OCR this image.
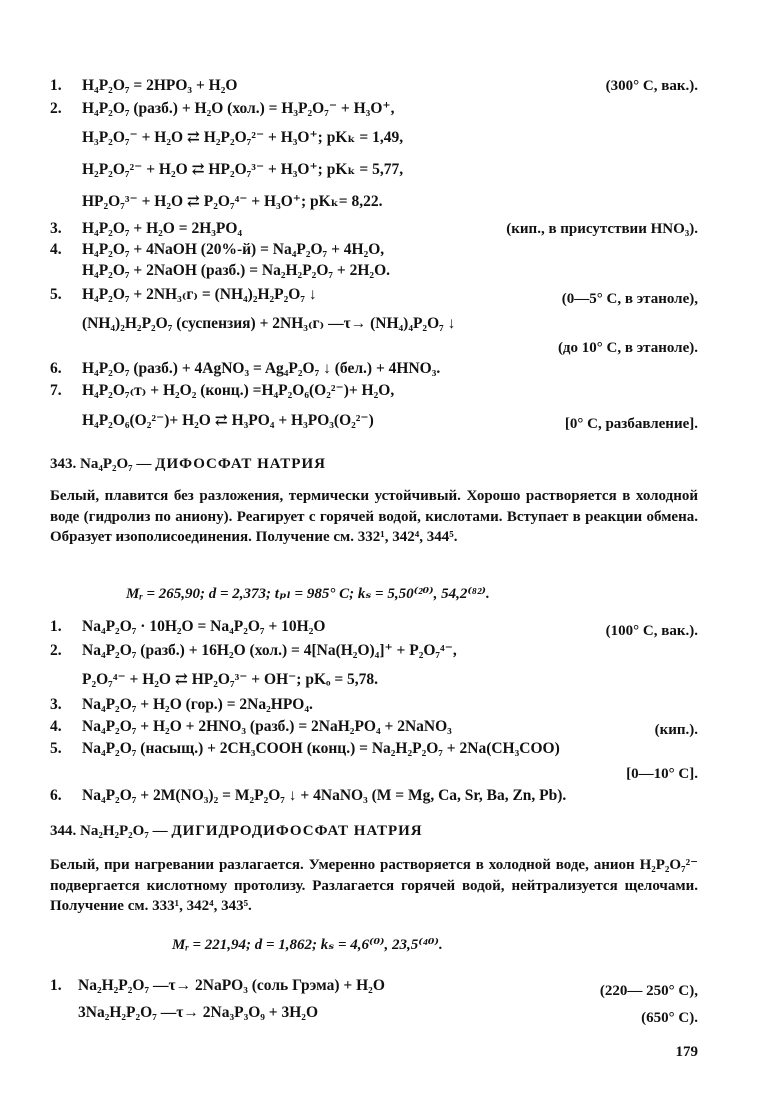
1. H₄P₂O₇ = 2HPO₃ + H₂O	(300° C, вак.).
2. H₄P₂O₇ (разб.) + H₂O (хол.) = H₃P₂O₇⁻ + H₃O⁺,
H₃P₂O₇⁻ + H₂O ⇄ H₂P₂O₇²⁻ + H₃O⁺; pKₖ = 1,49,
H₂P₂O₇²⁻ + H₂O ⇄ HP₂O₇³⁻ + H₃O⁺; pKₖ = 5,77,
HP₂O₇³⁻ + H₂O ⇄ P₂O₇⁴⁻ + H₃O⁺; pKₖ= 8,22.
3. H₄P₂O₇ + H₂O = 2H₃PO₄	(кип., в присутствии HNO₃).
4. H₄P₂O₇ + 4NaOH (20%-й) = Na₄P₂O₇ + 4H₂O,
H₄P₂O₇ + 2NaOH (разб.) = Na₂H₂P₂O₇ + 2H₂O.
5. H₄P₂O₇ + 2NH₃₍г₎ = (NH₄)₂H₂P₂O₇ ↓	(0—5° C, в этаноле),
(NH₄)₂H₂P₂O₇ (суспензия) + 2NH₃₍г₎ —τ→ (NH₄)₄P₂O₇ ↓
(до 10° C, в этаноле).
6. H₄P₂O₇ (разб.) + 4AgNO₃ = Ag₄P₂O₇ ↓ (бел.) + 4HNO₃.
7. H₄P₂O₇₍т₎ + H₂O₂ (конц.) =H₄P₂O₆(O₂²⁻)+ H₂O,
H₄P₂O₆(O₂²⁻)+ H₂O ⇄ H₃PO₄ + H₃PO₃(O₂²⁻)	[0° C, разбавление].
343. Na₄P₂O₇ — ДИФОСФАТ НАТРИЯ
Белый, плавится без разложения, термически устойчивый. Хорошо растворяется в холодной воде (гидролиз по аниону). Реагирует с горячей водой, кислотами. Вступает в реакции обмена. Образует изополисоединения. Получение см. 332¹, 342⁴, 344⁵.
Mᵣ = 265,90; d = 2,373; tₚₗ = 985° C; kₛ = 5,50⁽²⁰⁾, 54,2⁽⁸²⁾.
1. Na₄P₂O₇ · 10H₂O = Na₄P₂O₇ + 10H₂O	(100° C, вак.).
2. Na₄P₂O₇ (разб.) + 16H₂O (хол.) = 4[Na(H₂O)₄]⁺ + P₂O₇⁴⁻,
P₂O₇⁴⁻ + H₂O ⇄ HP₂O₇³⁻ + OH⁻; pKₒ = 5,78.
3. Na₄P₂O₇ + H₂O (гор.) = 2Na₂HPO₄.
4. Na₄P₂O₇ + H₂O + 2HNO₃ (разб.) = 2NaH₂PO₄ + 2NaNO₃	(кип.).
5. Na₄P₂O₇ (насыщ.) + 2CH₃COOH (конц.) = Na₂H₂P₂O₇ + 2Na(CH₃COO)
[0—10° C].
6. Na₄P₂O₇ + 2M(NO₃)₂ = M₂P₂O₇ ↓ + 4NaNO₃ (M = Mg, Ca, Sr, Ba, Zn, Pb).
344. Na₂H₂P₂O₇ — ДИГИДРОДИФОСФАТ НАТРИЯ
Белый, при нагревании разлагается. Умеренно растворяется в холодной воде, анион H₂P₂O₇²⁻ подвергается кислотному протолизу. Разлагается горячей водой, нейтрализуется щелочами. Получение см. 333¹, 342⁴, 343⁵.
Mᵣ = 221,94; d = 1,862; kₛ = 4,6⁽⁰⁾, 23,5⁽⁴⁰⁾.
1. Na₂H₂P₂O₇ —τ→ 2NaPO₃ (соль Грэма) + H₂O	(220— 250° C),
3Na₂H₂P₂O₇ —τ→ 2Na₃P₃O₉ + 3H₂O	(650° C).
179
